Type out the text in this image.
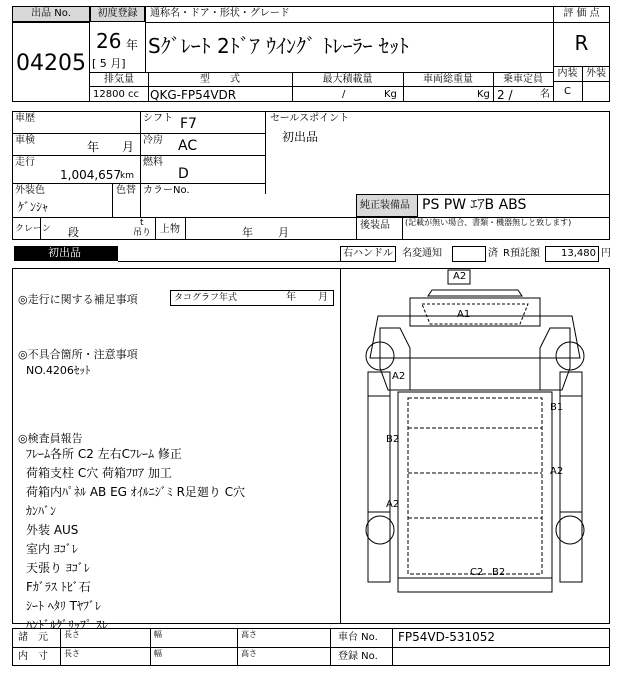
出品 No.
04205
初度登録
26 年
[ 5 月]
通称名・ドア・形状・グレード
Sｸﾞﾚｰﾄ 2ﾄﾞｱ ｳｲﾝｸﾞ ﾄﾚｰﾗｰ ｾｯﾄ
評 価 点
R
内装 外装
C
排気量	型　　式	最大積載量	車両総重量	乗車定員
12800 cc QKG-FP54VDR	/	Kg	Kg 2 /	名
車歴	シフト F7
車検	年 月 冷房 AC
走行
1,004,657
km
燃料
D
外装色
ｹﾞﾝｼｬ
色替 カラーNo.
セールスポイント
初出品
純正装備品 PS PW ｴｱB ABS
後装品 (記載が無い場合、書類・機器無しと致します)
クレーン 段
t
吊り 上物	年 月
初出品	右ハンドル 名変通知	済 R預託額	13,480 円
◎走行に関する補足事項	タコグラフ年式	年 月
◎不具合箇所・注意事項
NO.4206ｾｯﾄ
◎検査員報告
ﾌﾚｰﾑ各所 C2 左右Cﾌﾚｰﾑ 修正
荷箱支柱 C穴 荷箱ﾌﾛｱ 加工
荷箱内ﾊﾟﾈﾙ AB EG ｵｲﾙﾆｼﾞﾐ R足廻り C穴
ｶﾝﾊﾞﾝ
外装 AUS
室内 ﾖｺﾞﾚ
天張り ﾖｺﾞﾚ
Fｶﾞﾗｽ ﾄﾋﾞ石
ｼｰﾄ ﾍﾀﾘ Tﾔﾌﾞﾚ
ﾊﾝﾄﾞﾙｸﾞﾘｯﾌﾟ ｽﾚ
A2
A1
A2
B1
B2
A2
A2
C2 B2
諸　元 長さ	幅	高さ
内　寸 長さ	幅	高さ
車台 No. FP54VD-531052
登録 No.
